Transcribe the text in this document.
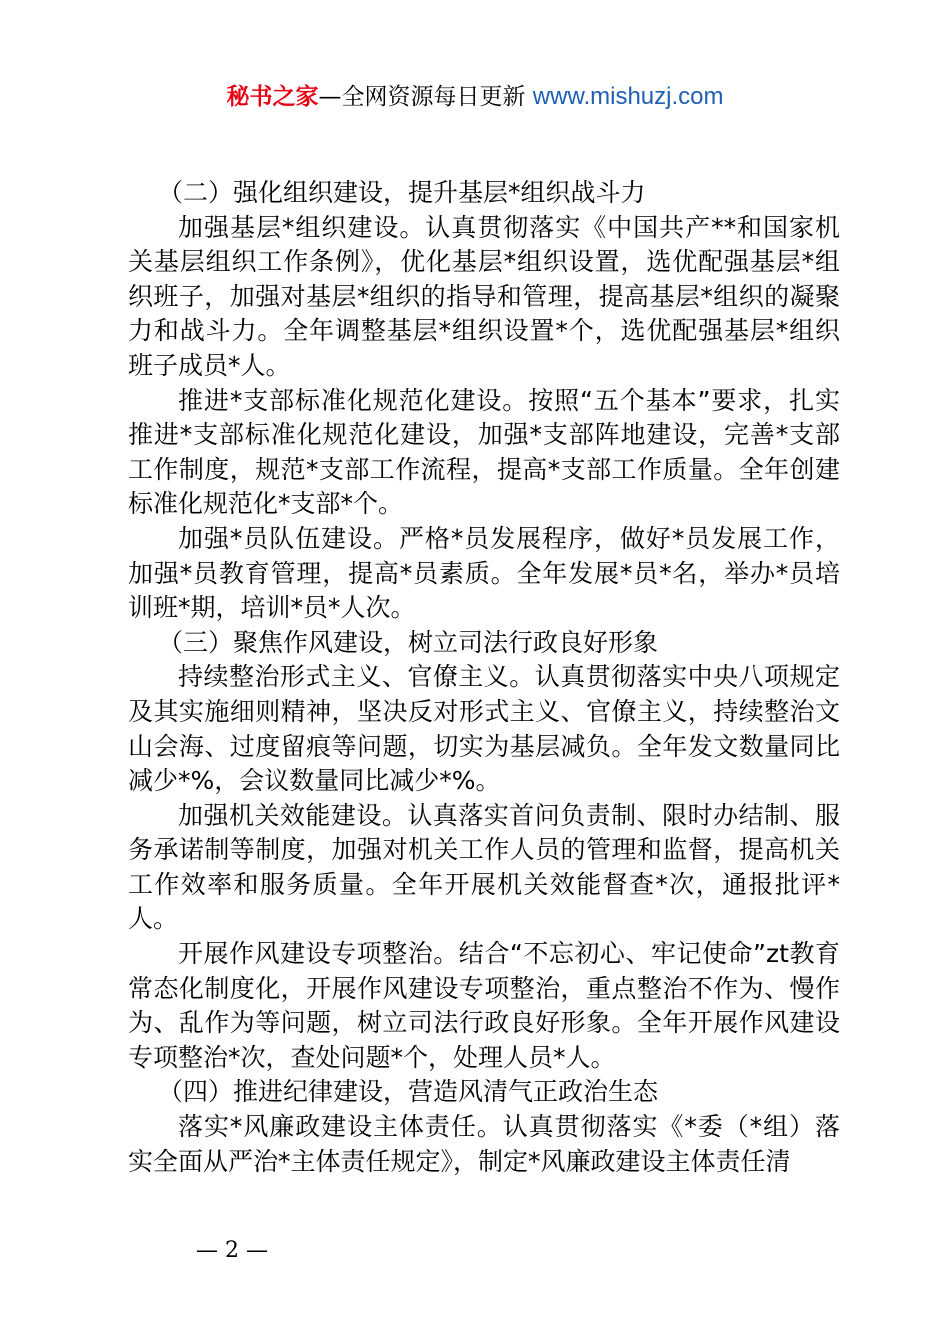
秘书之家—全网资源每日更新 www.mishuzj.com

（二）强化组织建设，提升基层*组织战斗力

加强基层*组织建设。认真贯彻落实《中国共产**和国家机关基层组织工作条例》，优化基层*组织设置，选优配强基层*组织班子，加强对基层*组织的指导和管理，提高基层*组织的凝聚力和战斗力。全年调整基层*组织设置*个，选优配强基层*组织班子成员*人。

推进*支部标准化规范化建设。按照“五个基本”要求，扎实推进*支部标准化规范化建设，加强*支部阵地建设，完善*支部工作制度，规范*支部工作流程，提高*支部工作质量。全年创建标准化规范化*支部*个。

加强*员队伍建设。严格*员发展程序，做好*员发展工作，加强*员教育管理，提高*员素质。全年发展*员*名，举办*员培训班*期，培训*员*人次。

（三）聚焦作风建设，树立司法行政良好形象

持续整治形式主义、官僚主义。认真贯彻落实中央八项规定及其实施细则精神，坚决反对形式主义、官僚主义，持续整治文山会海、过度留痕等问题，切实为基层减负。全年发文数量同比减少*%，会议数量同比减少*%。

加强机关效能建设。认真落实首问负责制、限时办结制、服务承诺制等制度，加强对机关工作人员的管理和监督，提高机关工作效率和服务质量。全年开展机关效能督查*次，通报批评*人。

开展作风建设专项整治。结合“不忘初心、牢记使命”zt教育常态化制度化，开展作风建设专项整治，重点整治不作为、慢作为、乱作为等问题，树立司法行政良好形象。全年开展作风建设专项整治*次，查处问题*个，处理人员*人。

（四）推进纪律建设，营造风清气正政治生态

落实*风廉政建设主体责任。认真贯彻落实《*委（*组）落实全面从严治*主体责任规定》，制定*风廉政建设主体责任清

— 2 —
